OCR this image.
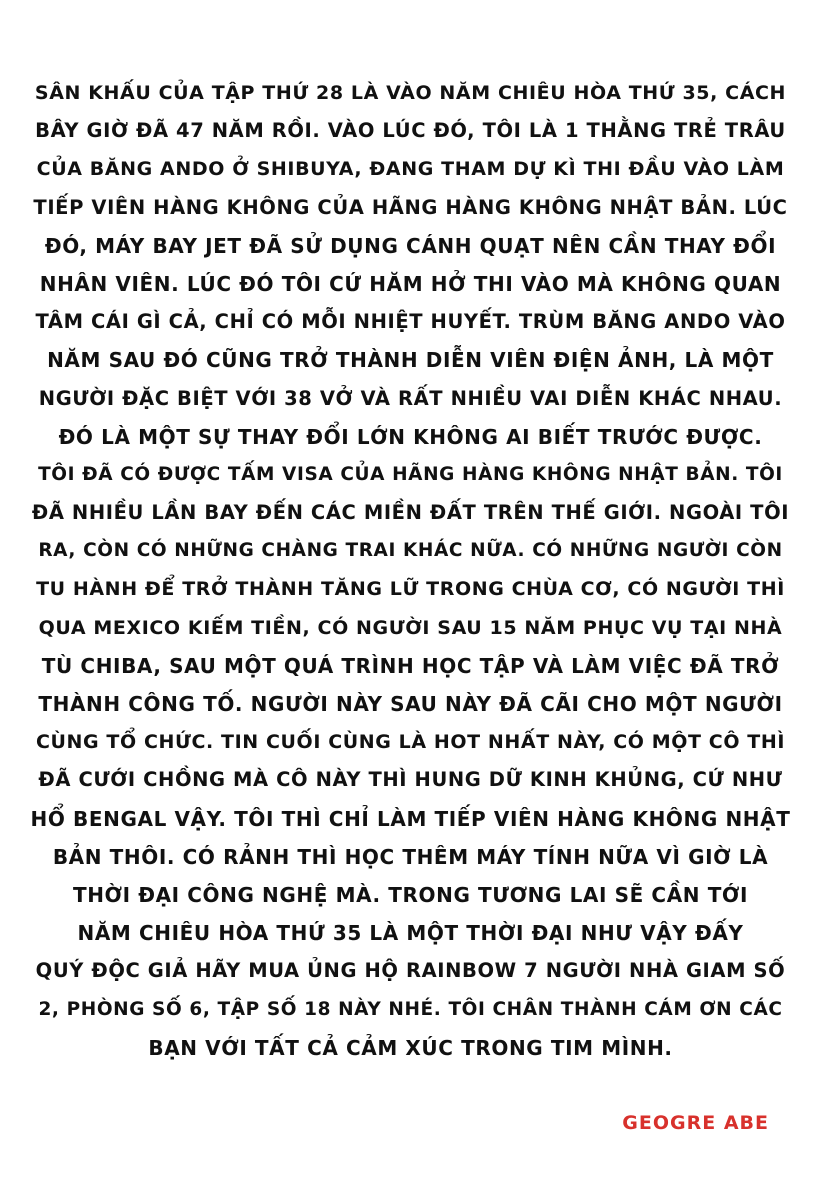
SÂN KHẤU CỦA TẬP THỨ 28 LÀ VÀO NĂM CHIÊU HÒA THỨ 35, CÁCH
BÂY GIỜ ĐÃ 47 NĂM RỒI. VÀO LÚC ĐÓ, TÔI LÀ 1 THẰNG TRẺ TRÂU
CỦA BĂNG ANDO Ở SHIBUYA, ĐANG THAM DỰ KÌ THI ĐẦU VÀO LÀM
TIẾP VIÊN HÀNG KHÔNG CỦA HÃNG HÀNG KHÔNG NHẬT BẢN. LÚC
ĐÓ, MÁY BAY JET ĐÃ SỬ DỤNG CÁNH QUẠT NÊN CẦN THAY ĐỔI
NHÂN VIÊN. LÚC ĐÓ TÔI CỨ HĂM HỞ THI VÀO MÀ KHÔNG QUAN
TÂM CÁI GÌ CẢ, CHỈ CÓ MỖI NHIỆT HUYẾT. TRÙM BĂNG ANDO VÀO
NĂM SAU ĐÓ CŨNG TRỞ THÀNH DIỄN VIÊN ĐIỆN ẢNH, LÀ MỘT
NGƯỜI ĐẶC BIỆT VỚI 38 VỞ VÀ RẤT NHIỀU VAI DIỄN KHÁC NHAU.
ĐÓ LÀ MỘT SỰ THAY ĐỔI LỚN KHÔNG AI BIẾT TRƯỚC ĐƯỢC.
TÔI ĐÃ CÓ ĐƯỢC TẤM VISA CỦA HÃNG HÀNG KHÔNG NHẬT BẢN. TÔI
ĐÃ NHIỀU LẦN BAY ĐẾN CÁC MIỀN ĐẤT TRÊN THẾ GIỚI. NGOÀI TÔI
RA, CÒN CÓ NHỮNG CHÀNG TRAI KHÁC NỮA. CÓ NHỮNG NGƯỜI CÒN
TU HÀNH ĐỂ TRỞ THÀNH TĂNG LỮ TRONG CHÙA CƠ, CÓ NGƯỜI THÌ
QUA MEXICO KIẾM TIỀN, CÓ NGƯỜI SAU 15 NĂM PHỤC VỤ TẠI NHÀ
TÙ CHIBA, SAU MỘT QUÁ TRÌNH HỌC TẬP VÀ LÀM VIỆC ĐÃ TRỞ
THÀNH CÔNG TỐ. NGƯỜI NÀY SAU NÀY ĐÃ CÃI CHO MỘT NGƯỜI
CÙNG TỔ CHỨC. TIN CUỐI CÙNG LÀ HOT NHẤT NÀY, CÓ MỘT CÔ THÌ
ĐÃ CƯỚI CHỒNG MÀ CÔ NÀY THÌ HUNG DỮ KINH KHỦNG, CỨ NHƯ
HỔ BENGAL VẬY. TÔI THÌ CHỈ LÀM TIẾP VIÊN HÀNG KHÔNG NHẬT
BẢN THÔI. CÓ RẢNH THÌ HỌC THÊM MÁY TÍNH NỮA VÌ GIỜ LÀ
THỜI ĐẠI CÔNG NGHỆ MÀ. TRONG TƯƠNG LAI SẼ CẦN TỚI
NĂM CHIÊU HÒA THỨ 35 LÀ MỘT THỜI ĐẠI NHƯ VẬY ĐẤY
QUÝ ĐỘC GIẢ HÃY MUA ỦNG HỘ RAINBOW 7 NGƯỜI NHÀ GIAM SỐ
2, PHÒNG SỐ 6, TẬP SỐ 18 NÀY NHÉ. TÔI CHÂN THÀNH CÁM ƠN CÁC
BẠN VỚI TẤT CẢ CẢM XÚC TRONG TIM MÌNH.

GEOGRE ABE
